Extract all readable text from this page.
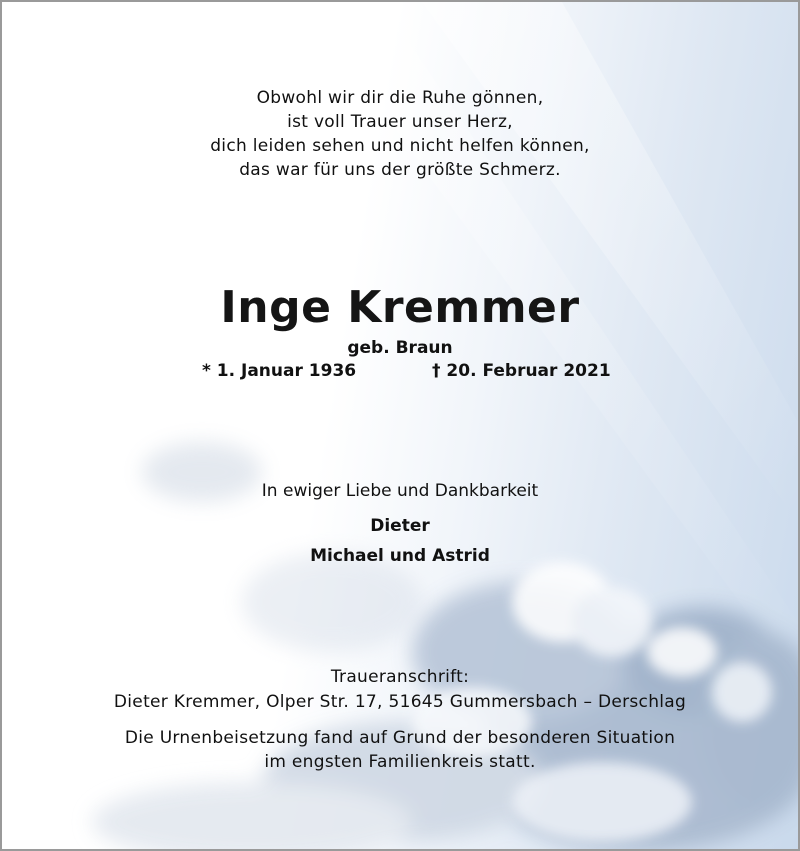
Obwohl wir dir die Ruhe gönnen,
ist voll Trauer unser Herz,
dich leiden sehen und nicht helfen können,
das war für uns der größte Schmerz.
Inge Kremmer
geb. Braun
* 1. Januar 1936	† 20. Februar 2021
In ewiger Liebe und Dankbarkeit
Dieter
Michael und Astrid
Traueranschrift:
Dieter Kremmer, Olper Str. 17, 51645 Gummersbach – Derschlag
Die Urnenbeisetzung fand auf Grund der besonderen Situation
im engsten Familienkreis statt.
